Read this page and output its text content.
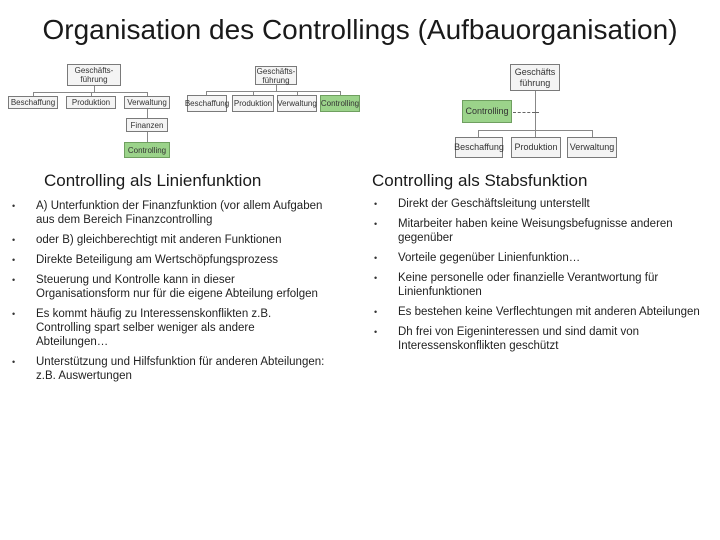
Organisation des Controllings (Aufbauorganisation)
Geschäfts-
führung
Beschaffung	Produktion	Verwaltung
Finanzen
Controlling
Geschäfts-
führung
Beschaffung Produktion Verwaltung Controlling
Geschäfts
führung
Controlling
Beschaffung	Produktion	Verwaltung
Controlling als Linienfunktion
• A) Unterfunktion der Finanzfunktion (vor allem Aufgaben aus dem Bereich Finanzcontrolling
• oder B) gleichberechtigt mit anderen Funktionen
• Direkte Beteiligung am Wertschöpfungsprozess
• Steuerung und Kontrolle kann in dieser Organisationsform nur für die eigene Abteilung erfolgen
• Es kommt häufig zu Interessenskonflikten z.B. Controlling spart selber weniger als andere Abteilungen…
• Unterstützung und Hilfsfunktion für anderen Abteilungen: z.B. Auswertungen
Controlling als Stabsfunktion
• Direkt der Geschäftsleitung unterstellt
• Mitarbeiter haben keine Weisungsbefugnisse anderen gegenüber
• Vorteile gegenüber Linienfunktion…
• Keine personelle oder finanzielle Verantwortung für Linienfunktionen
• Es bestehen keine Verflechtungen mit anderen Abteilungen
• Dh frei von Eigeninteressen und sind damit von Interessenskonflikten geschützt
